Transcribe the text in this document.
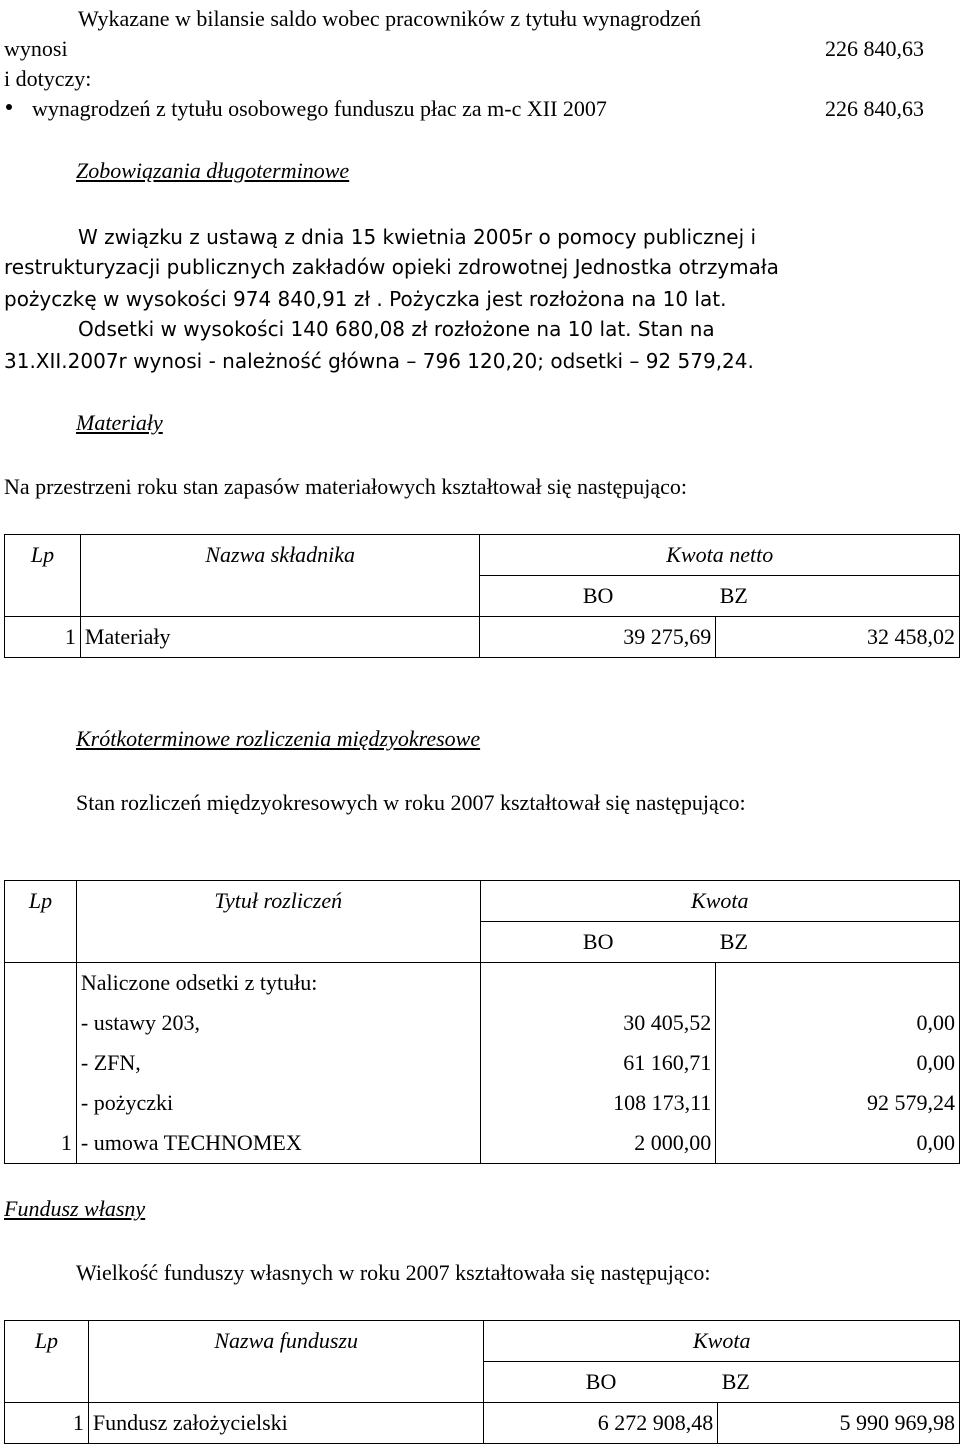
Wykazane w bilansie saldo wobec pracowników z tytułu wynagrodzeń
wynosi	226 840,63
i dotyczy:
wynagrodzeń z tytułu osobowego funduszu płac za m-c XII 2007	226 840,63
Zobowiązania długoterminowe
W związku z ustawą z dnia 15 kwietnia 2005r o pomocy publicznej i
restrukturyzacji publicznych zakładów opieki zdrowotnej Jednostka otrzymała
pożyczkę w wysokości 974 840,91 zł . Pożyczka jest rozłożona na 10 lat.
Odsetki w wysokości 140 680,08 zł rozłożone na 10 lat. Stan na
31.XII.2007r wynosi - należność główna – 796 120,20; odsetki – 92 579,24.
Materiały
Na przestrzeni roku stan zapasów materiałowych kształtował się następująco:
Lp	Nazwa składnika	Kwota netto	
		BO	BZ
1	Materiały	39 275,69	32 458,02
Krótkoterminowe rozliczenia międzyokresowe
Stan rozliczeń międzyokresowych w roku 2007 kształtował się następująco:
Lp	Tytuł rozliczeń	Kwota	
		BO	BZ
	Naliczone odsetki z tytułu:		
	- ustawy 203,	30 405,52	0,00
	- ZFN,	61 160,71	0,00
	- pożyczki	108 173,11	92 579,24
1	- umowa TECHNOMEX	2 000,00	0,00
Fundusz własny
Wielkość funduszy własnych w roku 2007 kształtowała się następująco:
Lp	Nazwa funduszu	Kwota	
		BO	BZ
1	Fundusz założycielski	6 272 908,48	5 990 969,98
